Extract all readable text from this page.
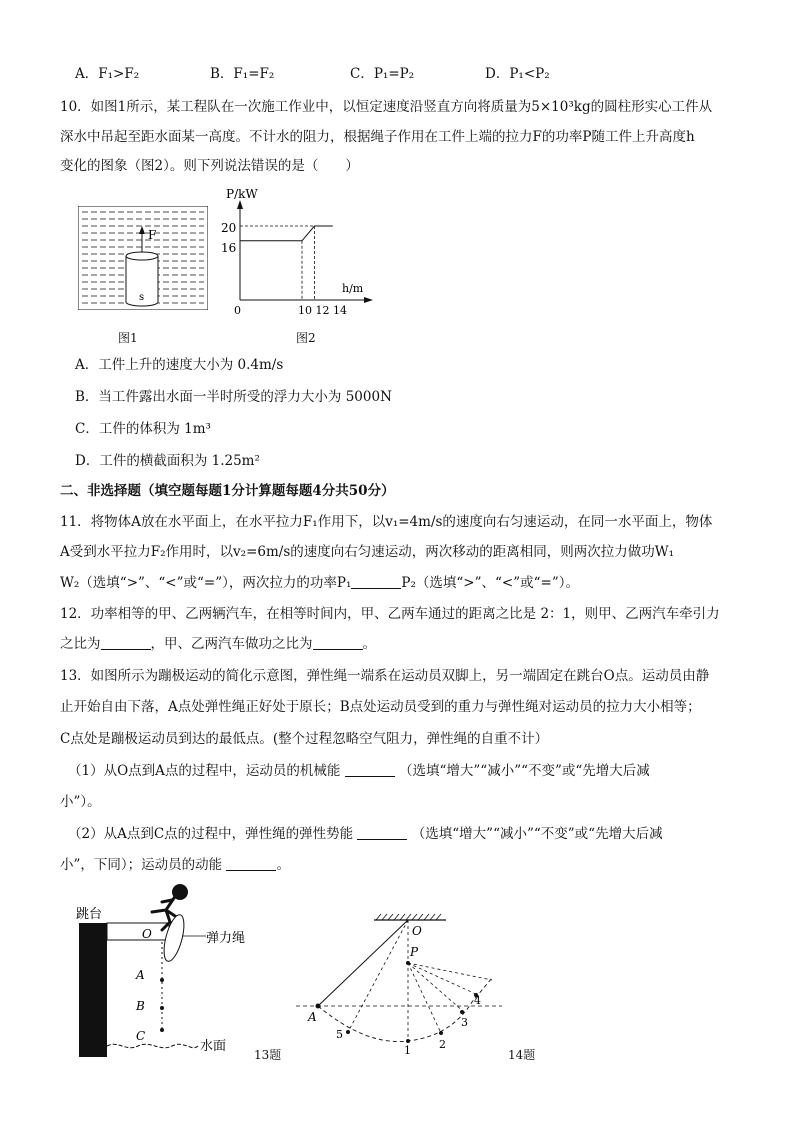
A．F₁>F₂	B．F₁=F₂	C．P₁=P₂	D．P₁<P₂
10．如图1所示，某工程队在一次施工作业中，以恒定速度沿竖直方向将质量为5×10³kg的圆柱形实心工件从
深水中吊起至距水面某一高度。不计水的阻力，根据绳子作用在工件上端的拉力F的功率P随工件上升高度h
变化的图象（图2）。则下列说法错误的是（　　）
F
s
图1
P/kW
h/m
0
20
16
10 12 14
图2
A．工件上升的速度大小为 0.4m/s
B．当工件露出水面一半时所受的浮力大小为 5000N
C．工件的体积为 1m³
D．工件的横截面积为 1.25m²
二、非选择题（填空题每题1分计算题每题4分共50分）
11．将物体A放在水平面上，在水平拉力F₁作用下，以v₁=4m/s的速度向右匀速运动，在同一水平面上，物体
A受到水平拉力F₂作用时，以v₂=6m/s的速度向右匀速运动，两次移动的距离相同，则两次拉力做功W₁
W₂（选填“>”、“<”或“=”），两次拉力的功率P₁	P₂（选填“>”、“<”或“=”）。
12．功率相等的甲、乙两辆汽车，在相等时间内，甲、乙两车通过的距离之比是 2：1，则甲、乙两汽车牵引力
之比为	，甲、乙两汽车做功之比为	。
13．如图所示为蹦极运动的简化示意图，弹性绳一端系在运动员双脚上，另一端固定在跳台O点。运动员由静
止开始自由下落，A点处弹性绳正好处于原长；B点处运动员受到的重力与弹性绳对运动员的拉力大小相等；
C点处是蹦极运动员到达的最低点。(整个过程忽略空气阻力，弹性绳的自重不计）
（1）从O点到A点的过程中，运动员的机械能	（选填“增大”“减小”“不变”或“先增大后减
小”）。
（2）从A点到C点的过程中，弹性绳的弹性势能	（选填“增大”“减小”“不变”或“先增大后减
小”，下同）；运动员的动能	。
跳台
O	弹力绳
A
B
C
水面
13题
O
P
A
1	2
3
4
5
14题
